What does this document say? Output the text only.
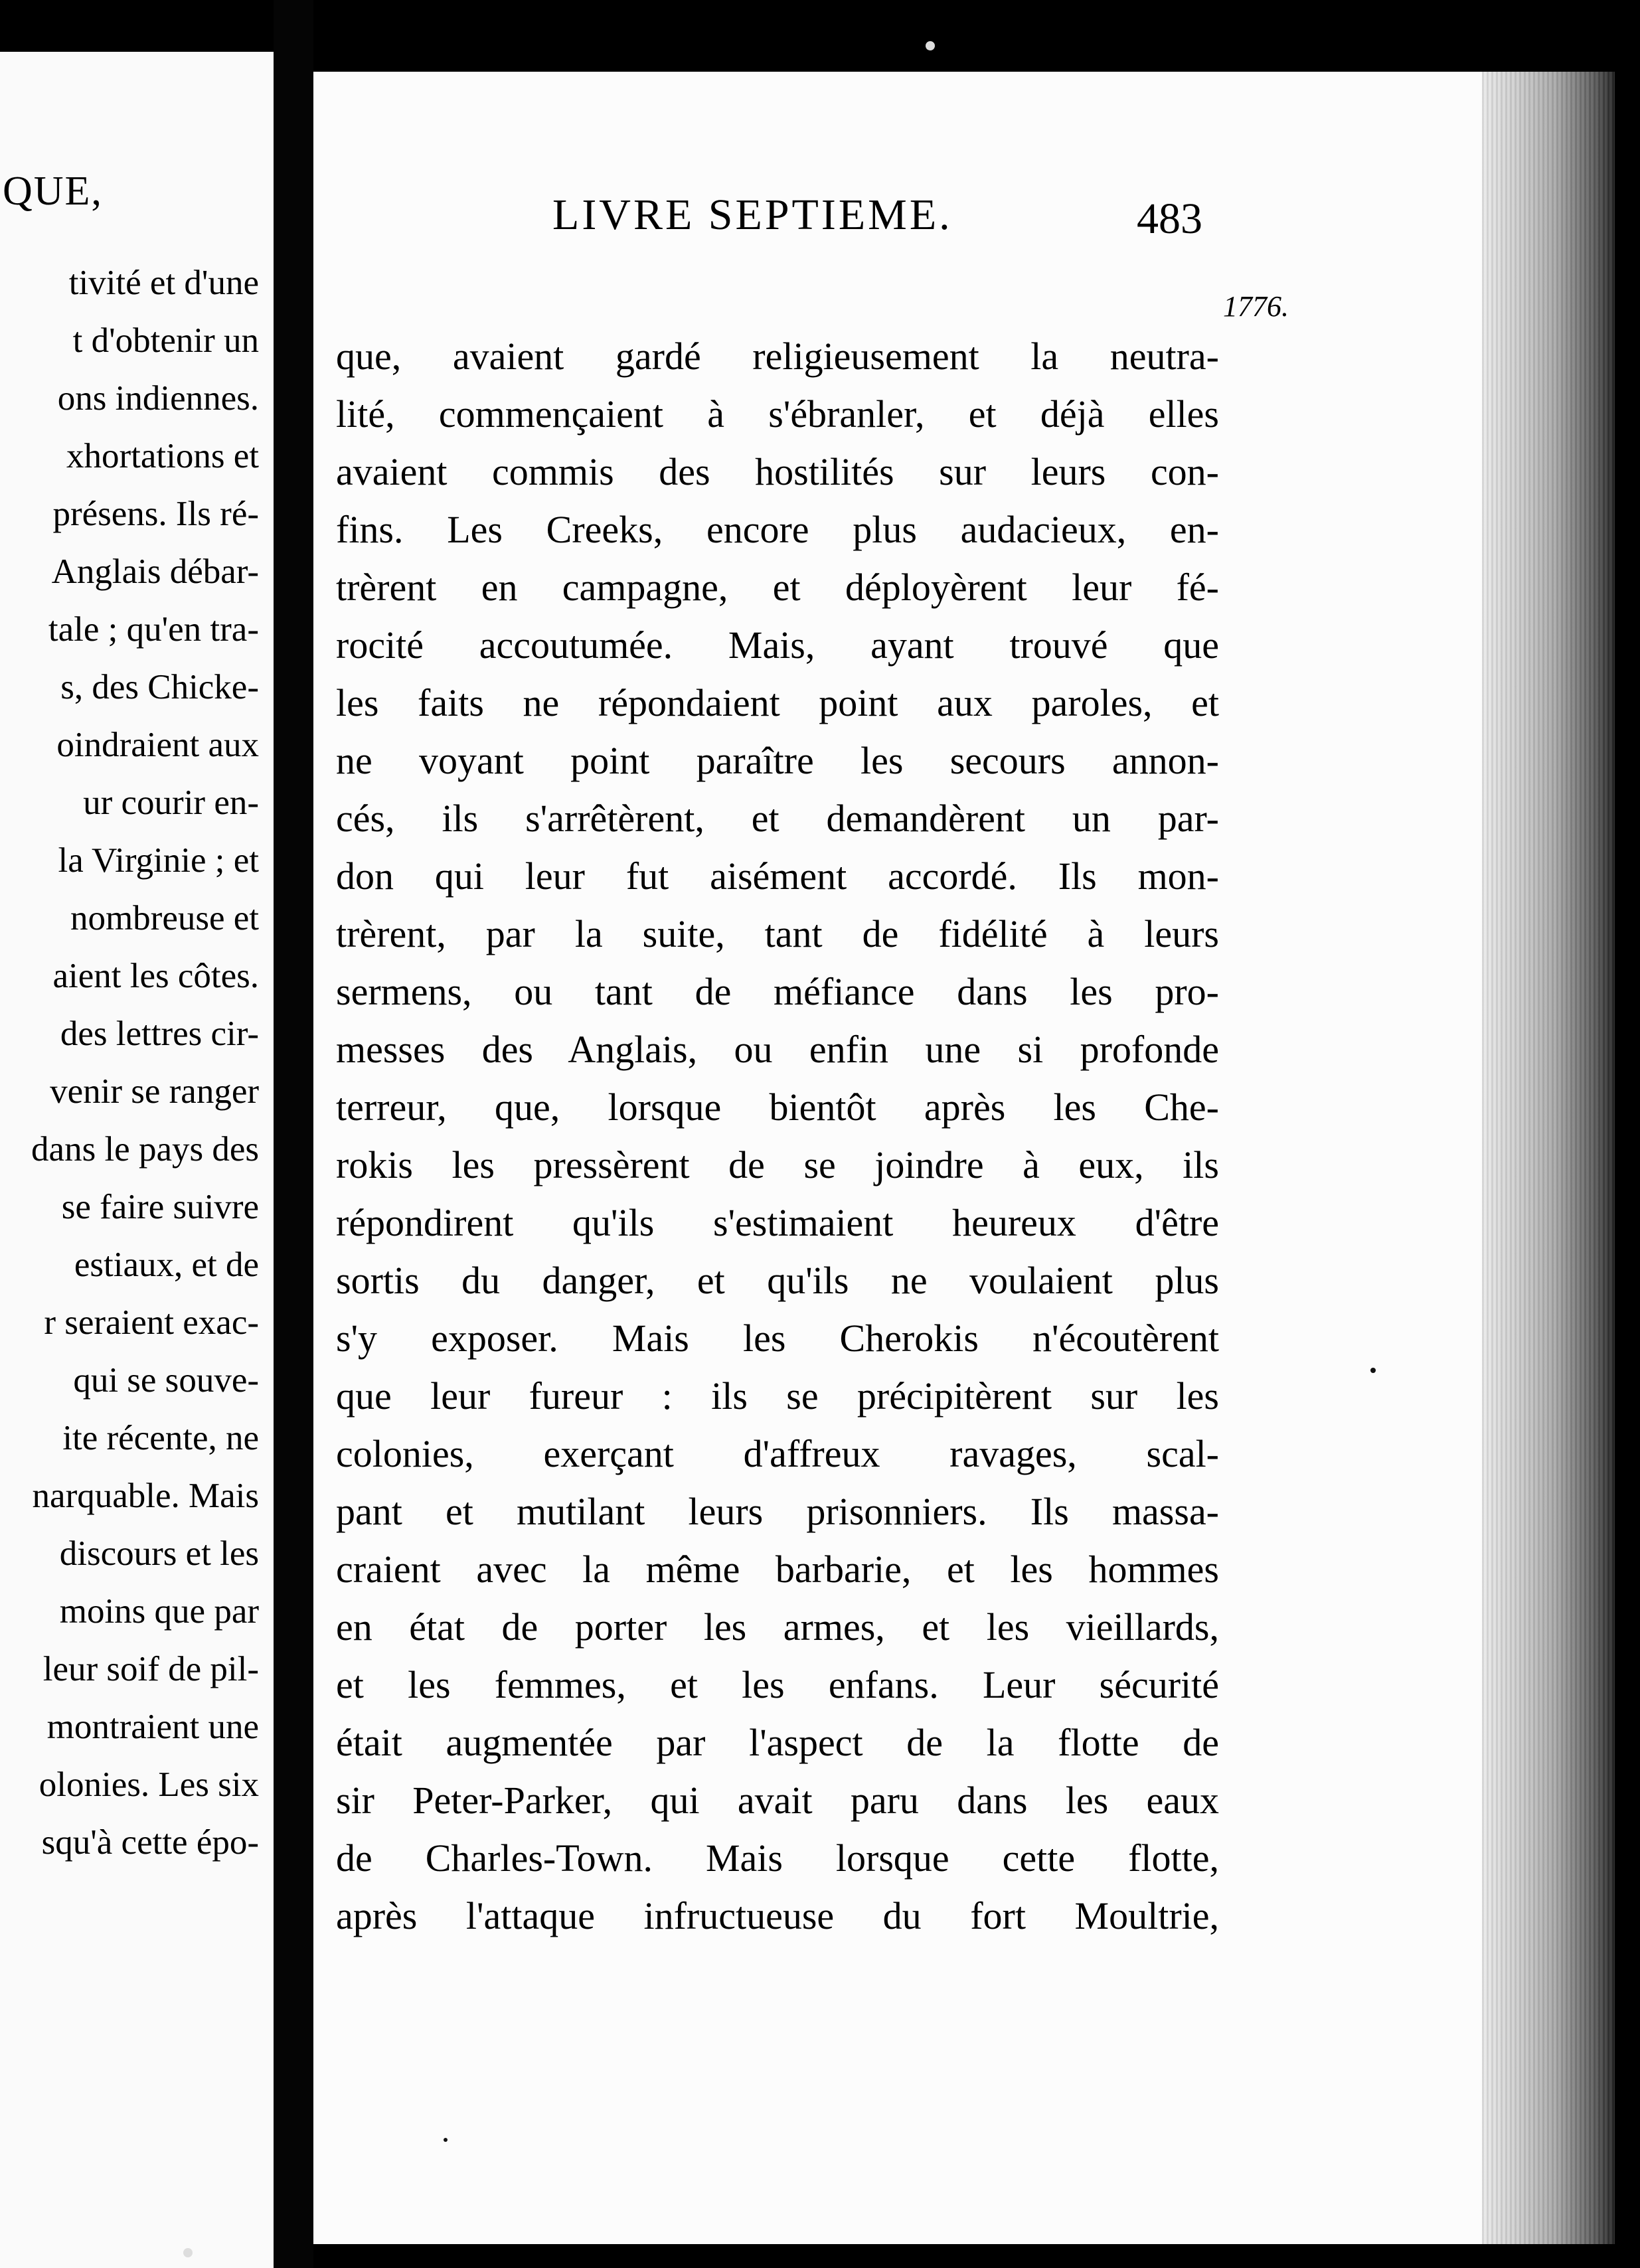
QUE,
tivité et d'une
t d'obtenir un
ons indiennes.
xhortations et
présens. Ils ré-
Anglais débar-
tale ; qu'en tra-
s, des Chicke-
oindraient aux
ur courir en-
la Virginie ; et
nombreuse et
aient les côtes.
des lettres cir-
venir se ranger
dans le pays des
se faire suivre
estiaux, et de
r seraient exac-
qui se souve-
ite récente, ne
narquable. Mais
discours et les
moins que par
leur soif de pil-
montraient une
olonies. Les six
squ'à cette épo-
LIVRE SEPTIEME.	483
1776.
que, avaient gardé religieusement la neutra-
lité, commençaient à s'ébranler, et déjà elles
avaient commis des hostilités sur leurs con-
fins. Les Creeks, encore plus audacieux, en-
trèrent en campagne, et déployèrent leur fé-
rocité accoutumée. Mais, ayant trouvé que
les faits ne répondaient point aux paroles, et
ne voyant point paraître les secours annon-
cés, ils s'arrêtèrent, et demandèrent un par-
don qui leur fut aisément accordé. Ils mon-
trèrent, par la suite, tant de fidélité à leurs
sermens, ou tant de méfiance dans les pro-
messes des Anglais, ou enfin une si profonde
terreur, que, lorsque bientôt après les Che-
rokis les pressèrent de se joindre à eux, ils
répondirent qu'ils s'estimaient heureux d'être
sortis du danger, et qu'ils ne voulaient plus
s'y exposer. Mais les Cherokis n'écoutèrent
que leur fureur : ils se précipitèrent sur les
colonies, exerçant d'affreux ravages, scal-
pant et mutilant leurs prisonniers. Ils massa-
craient avec la même barbarie, et les hommes
en état de porter les armes, et les vieillards,
et les femmes, et les enfans. Leur sécurité
était augmentée par l'aspect de la flotte de
sir Peter-Parker, qui avait paru dans les eaux
de Charles-Town. Mais lorsque cette flotte,
après l'attaque infructueuse du fort Moultrie,
